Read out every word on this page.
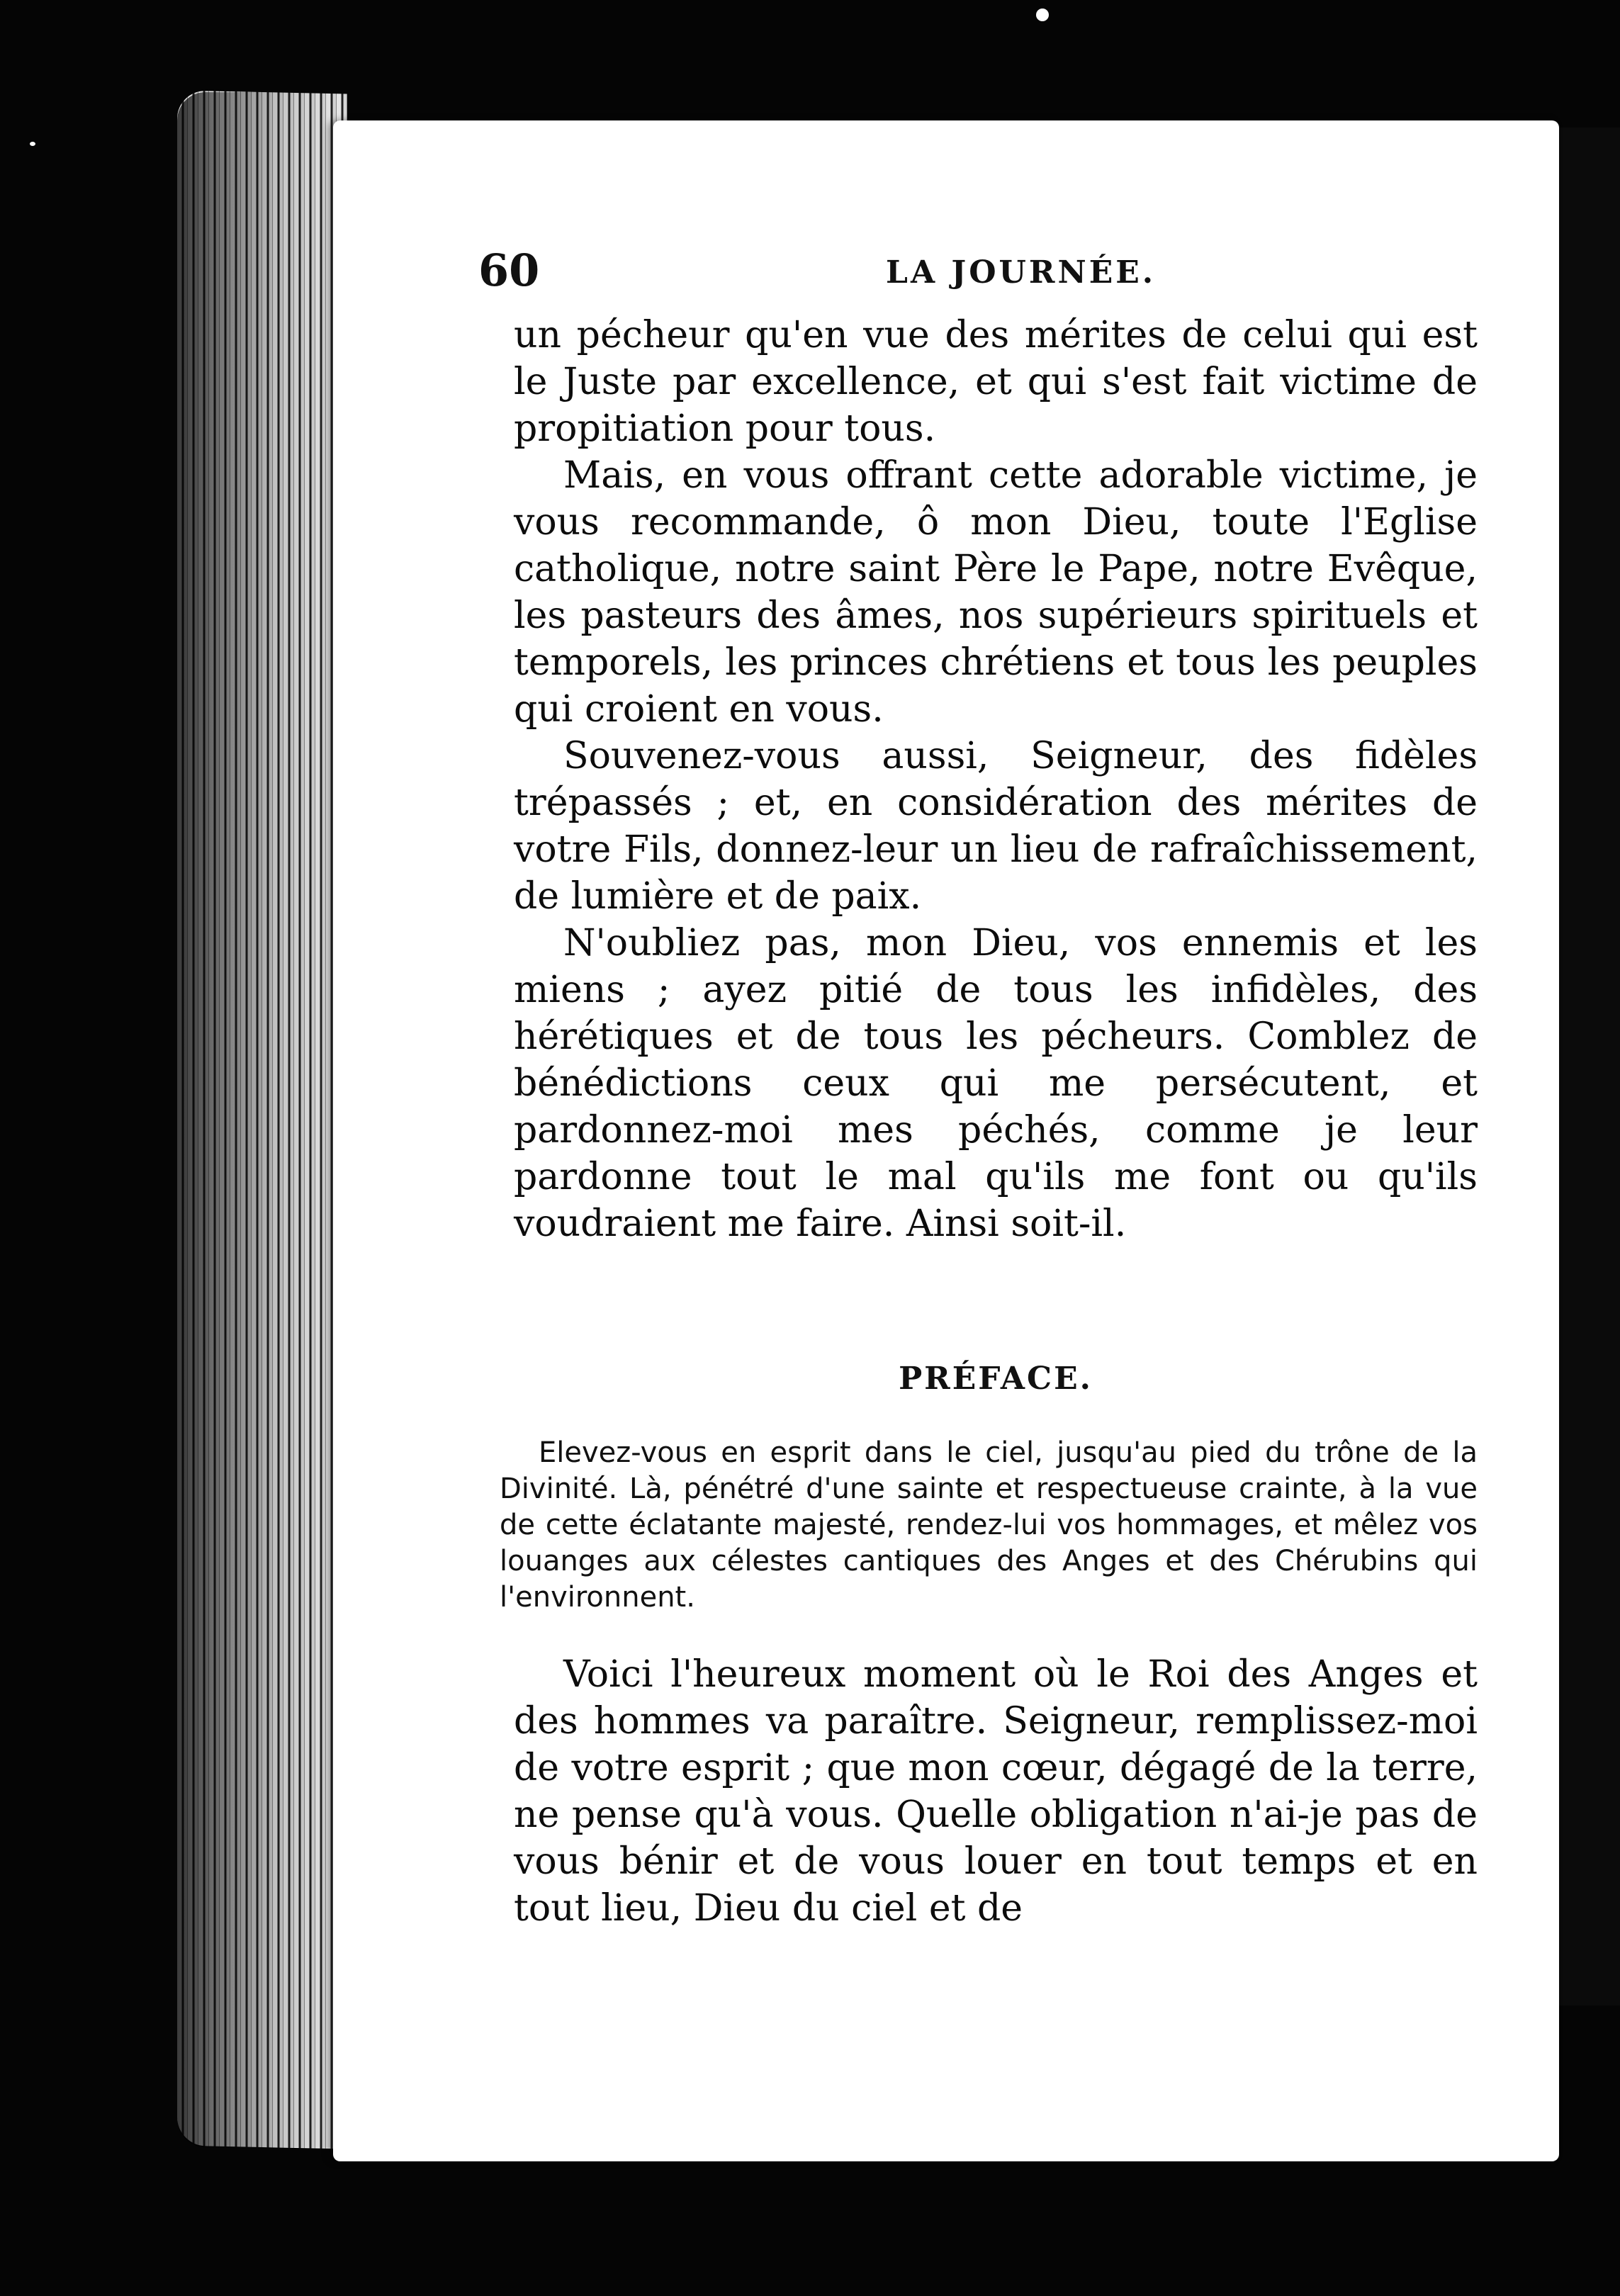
60	LA JOURNÉE.

un pécheur qu'en vue des mérites de celui qui est le Juste par excellence, et qui s'est fait victime de propitiation pour tous.

Mais, en vous offrant cette adorable victime, je vous recommande, ô mon Dieu, toute l'Eglise catholique, notre saint Père le Pape, notre Evêque, les pasteurs des âmes, nos supérieurs spirituels et temporels, les princes chrétiens et tous les peuples qui croient en vous.

Souvenez-vous aussi, Seigneur, des fidèles trépassés ; et, en considération des mérites de votre Fils, donnez-leur un lieu de rafraîchissement, de lumière et de paix.

N'oubliez pas, mon Dieu, vos ennemis et les miens ; ayez pitié de tous les infidèles, des hérétiques et de tous les pécheurs. Comblez de bénédictions ceux qui me persécutent, et pardonnez-moi mes péchés, comme je leur pardonne tout le mal qu'ils me font ou qu'ils voudraient me faire. Ainsi soit-il.

PRÉFACE.

Elevez-vous en esprit dans le ciel, jusqu'au pied du trône de la Divinité. Là, pénétré d'une sainte et respectueuse crainte, à la vue de cette éclatante majesté, rendez-lui vos hommages, et mêlez vos louanges aux célestes cantiques des Anges et des Chérubins qui l'environnent.

Voici l'heureux moment où le Roi des Anges et des hommes va paraître. Seigneur, remplissez-moi de votre esprit ; que mon cœur, dégagé de la terre, ne pense qu'à vous. Quelle obligation n'ai-je pas de vous bénir et de vous louer en tout temps et en tout lieu, Dieu du ciel et de
